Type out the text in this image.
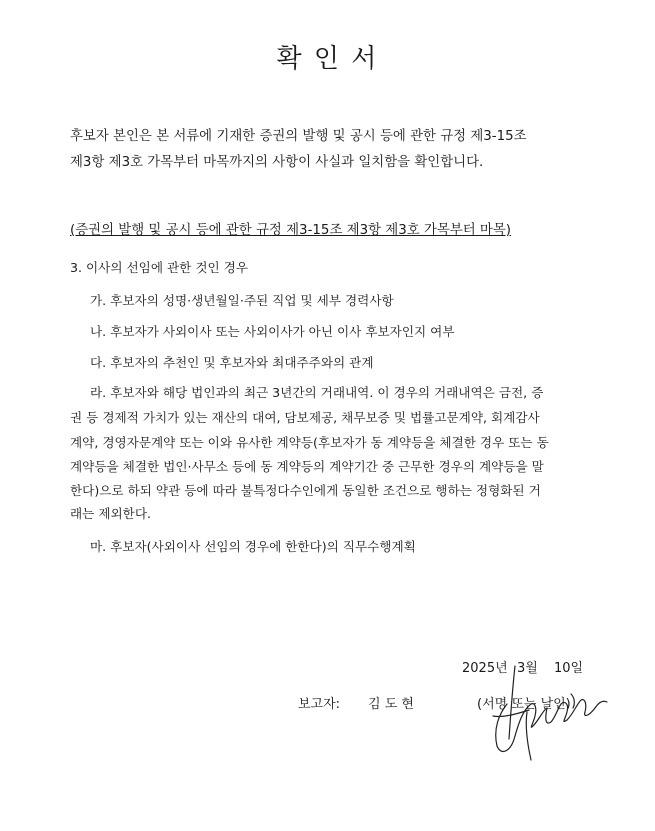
확 인 서
후보자 본인은 본 서류에 기재한 증권의 발행 및 공시 등에 관한 규정 제3-15조
제3항 제3호 가목부터 마목까지의 사항이 사실과 일치함을 확인합니다.
(증권의 발행 및 공시 등에 관한 규정 제3-15조 제3항 제3호 가목부터 마목)
3. 이사의 선임에 관한 것인 경우
가. 후보자의 성명·생년월일·주된 직업 및 세부 경력사항
나. 후보자가 사외이사 또는 사외이사가 아닌 이사 후보자인지 여부
다. 후보자의 추천인 및 후보자와 최대주주와의 관계
라. 후보자와 해당 법인과의 최근 3년간의 거래내역. 이 경우의 거래내역은 금전, 증
권 등 경제적 가치가 있는 재산의 대여, 담보제공, 채무보증 및 법률고문계약, 회계감사
계약, 경영자문계약 또는 이와 유사한 계약등(후보자가 동 계약등을 체결한 경우 또는 동
계약등을 체결한 법인·사무소 등에 동 계약등의 계약기간 중 근무한 경우의 계약등을 말
한다)으로 하되 약관 등에 따라 불특정다수인에게 동일한 조건으로 행하는 정형화된 거
래는 제외한다.
마. 후보자(사외이사 선임의 경우에 한한다)의 직무수행계획
2025년 3월 10일
보고자: 김 도 현	(서명 또는 날인)
